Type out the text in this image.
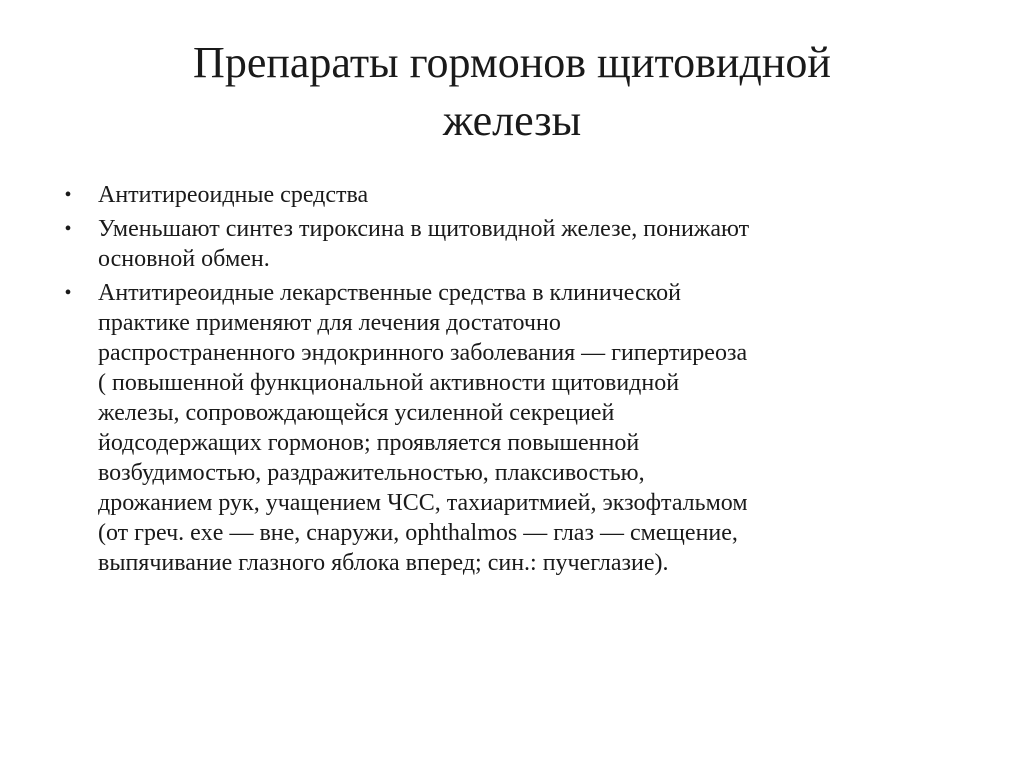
Препараты гормонов щитовидной
железы
• Антитиреоидные средства
• Уменьшают синтез тироксина в щитовидной железе, понижают
основной обмен.
• Антитиреоидные лекарственные средства в клинической
практике применяют для лечения достаточно
распространенного эндокринного заболевания — гипертиреоза
( повышенной функциональной активности щитовидной
железы, сопровождающейся усиленной секрецией
йодсодержащих гормонов; проявляется повышенной
возбудимостью, раздражительностью, плаксивостью,
дрожанием рук, учащением ЧСС, тахиаритмией, экзофтальмом
(от греч. exe — вне, снаружи, ophthalmos — глаз — смещение,
выпячивание глазного яблока вперед; син.: пучеглазие).
